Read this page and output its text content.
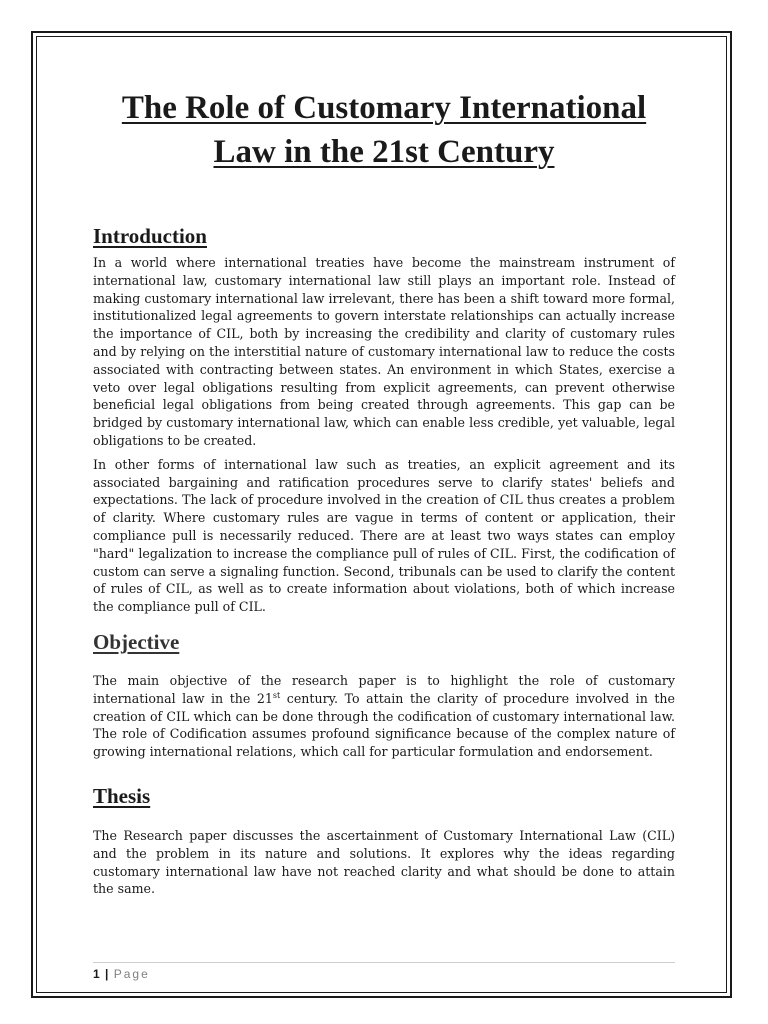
The Role of Customary International
Law in the 21st Century
Introduction

In a world where international treaties have become the mainstream instrument of international law, customary international law still plays an important role. Instead of making customary international law irrelevant, there has been a shift toward more formal, institutionalized legal agreements to govern interstate relationships can actually increase the importance of CIL, both by increasing the credibility and clarity of customary rules and by relying on the interstitial nature of customary international law to reduce the costs associated with contracting between states. An environment in which States, exercise a veto over legal obligations resulting from explicit agreements, can prevent otherwise beneficial legal obligations from being created through agreements. This gap can be bridged by customary international law, which can enable less credible, yet valuable, legal obligations to be created.

In other forms of international law such as treaties, an explicit agreement and its associated bargaining and ratification procedures serve to clarify states' beliefs and expectations. The lack of procedure involved in the creation of CIL thus creates a problem of clarity. Where customary rules are vague in terms of content or application, their compliance pull is necessarily reduced. There are at least two ways states can employ "hard" legalization to increase the compliance pull of rules of CIL. First, the codification of custom can serve a signaling function. Second, tribunals can be used to clarify the content of rules of CIL, as well as to create information about violations, both of which increase the compliance pull of CIL.

Objective

The main objective of the research paper is to highlight the role of customary international law in the 21st century. To attain the clarity of procedure involved in the creation of CIL which can be done through the codification of customary international law. The role of Codification assumes profound significance because of the complex nature of growing international relations, which call for particular formulation and endorsement.

Thesis

The Research paper discusses the ascertainment of Customary International Law (CIL) and the problem in its nature and solutions. It explores why the ideas regarding customary international law have not reached clarity and what should be done to attain the same.

1 | Page
